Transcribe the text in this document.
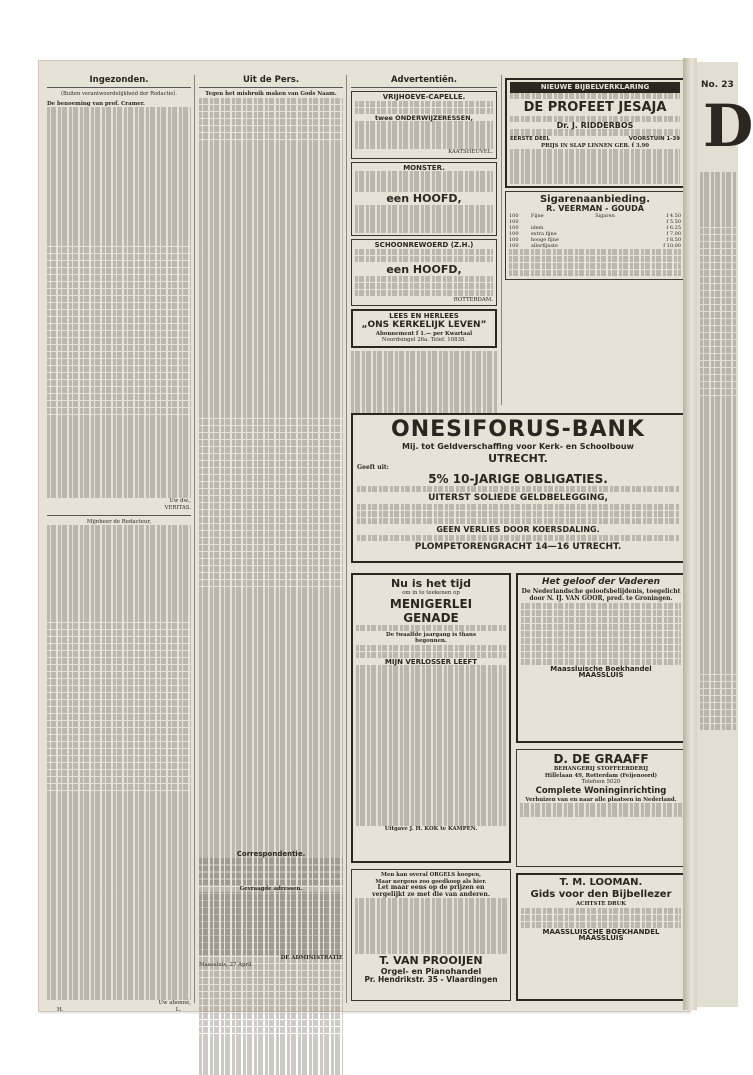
Ingezonden.
(Buiten verantwoordelijkheid der Redactie).
De benoeming van prof. Cramer.
Uw dw.,
VERITAS.
Mijnheer de Redacteur,
Uw abonné,
H.	L.
Uit de Pers.
Tegen het misbruik maken van Gods Naam.
Advertentiën.
VRIJHOEVE-CAPELLE.
twee ONDERWIJZERESSEN,
KAATSHEUVEL.
MONSTER.
een HOOFD,
SCHOONREWOERD (Z.H.)
een HOOFD,
ROTTERDAM.
LEES EN HERLEES
„ONS KERKELIJK LEVEN”
Abonnement f 1.— per Kwartaal
Noordsingel 26a. Telef. 10838.
NIEUWE BIJBELVERKLARING
DE PROFEET JESAJA
Dr. J. RIDDERBOS
EERSTE DEEL	VOORSTUIN 1-39
PRIJS IN SLAP LINNEN GEB. f 3.90
Sigarenaanbieding.
R. VEERMAN - GOUDA
100	Fijne	Sigaren	f 4.50
100			f 5.50
100	idem		f 6.25
100	extra fijne		f 7.00
100	hooge fijne		f 8.50
100	allerfijnste		f 10.00
ONESIFORUS-BANK
Mij. tot Geldverschaffing voor Kerk- en Schoolbouw
UTRECHT.
Geeft uit:
5% 10-JARIGE OBLIGATIES.
UITERST SOLIEDE GELDBELEGGING,
GEEN VERLIES DOOR KOERSDALING.
PLOMPETORENGRACHT 14—16 UTRECHT.
Correspondentie.
Gevraagde adressen.
DE ADMINISTRATIE
Maassluis, 27 April.
Nu is het tijd
om in te teekenen op
MENIGERLEI
GENADE
De twaalfde jaargang is thans
begonnen.
MIJN VERLOSSER LEEFT
Uitgave J. H. KOK te KAMPEN.
Men kan overal ORGELS koopen,
Maar nergens zoo goedkoop als hier.
Let maar eens op de prijzen en
vergelijkt ze met die van anderen.
T. VAN PROOIJEN
Orgel- en Pianohandel
Pr. Hendrikstr. 35 - Vlaardingen
Het geloof der Vaderen
De Nederlandsche geloofsbelijdenis, toegelicht door N. IJ. VAN GOOR, pred. te Groningen.
Maassluische Boekhandel
MAASSLUIS
D. DE GRAAFF
BEHANGERIJ STOFFEERDERIJ
Hillelaan 49, Rotterdam (Feijenoord)
Telefoon 5020
Complete Woninginrichting
Verhuizen van en naar alle plaatsen in Nederland.
T. M. LOOMAN.
Gids voor den Bijbellezer
ACHTSTE DRUK
MAASSLUISCHE BOEKHANDEL
MAASSLUIS
No. 23
D
